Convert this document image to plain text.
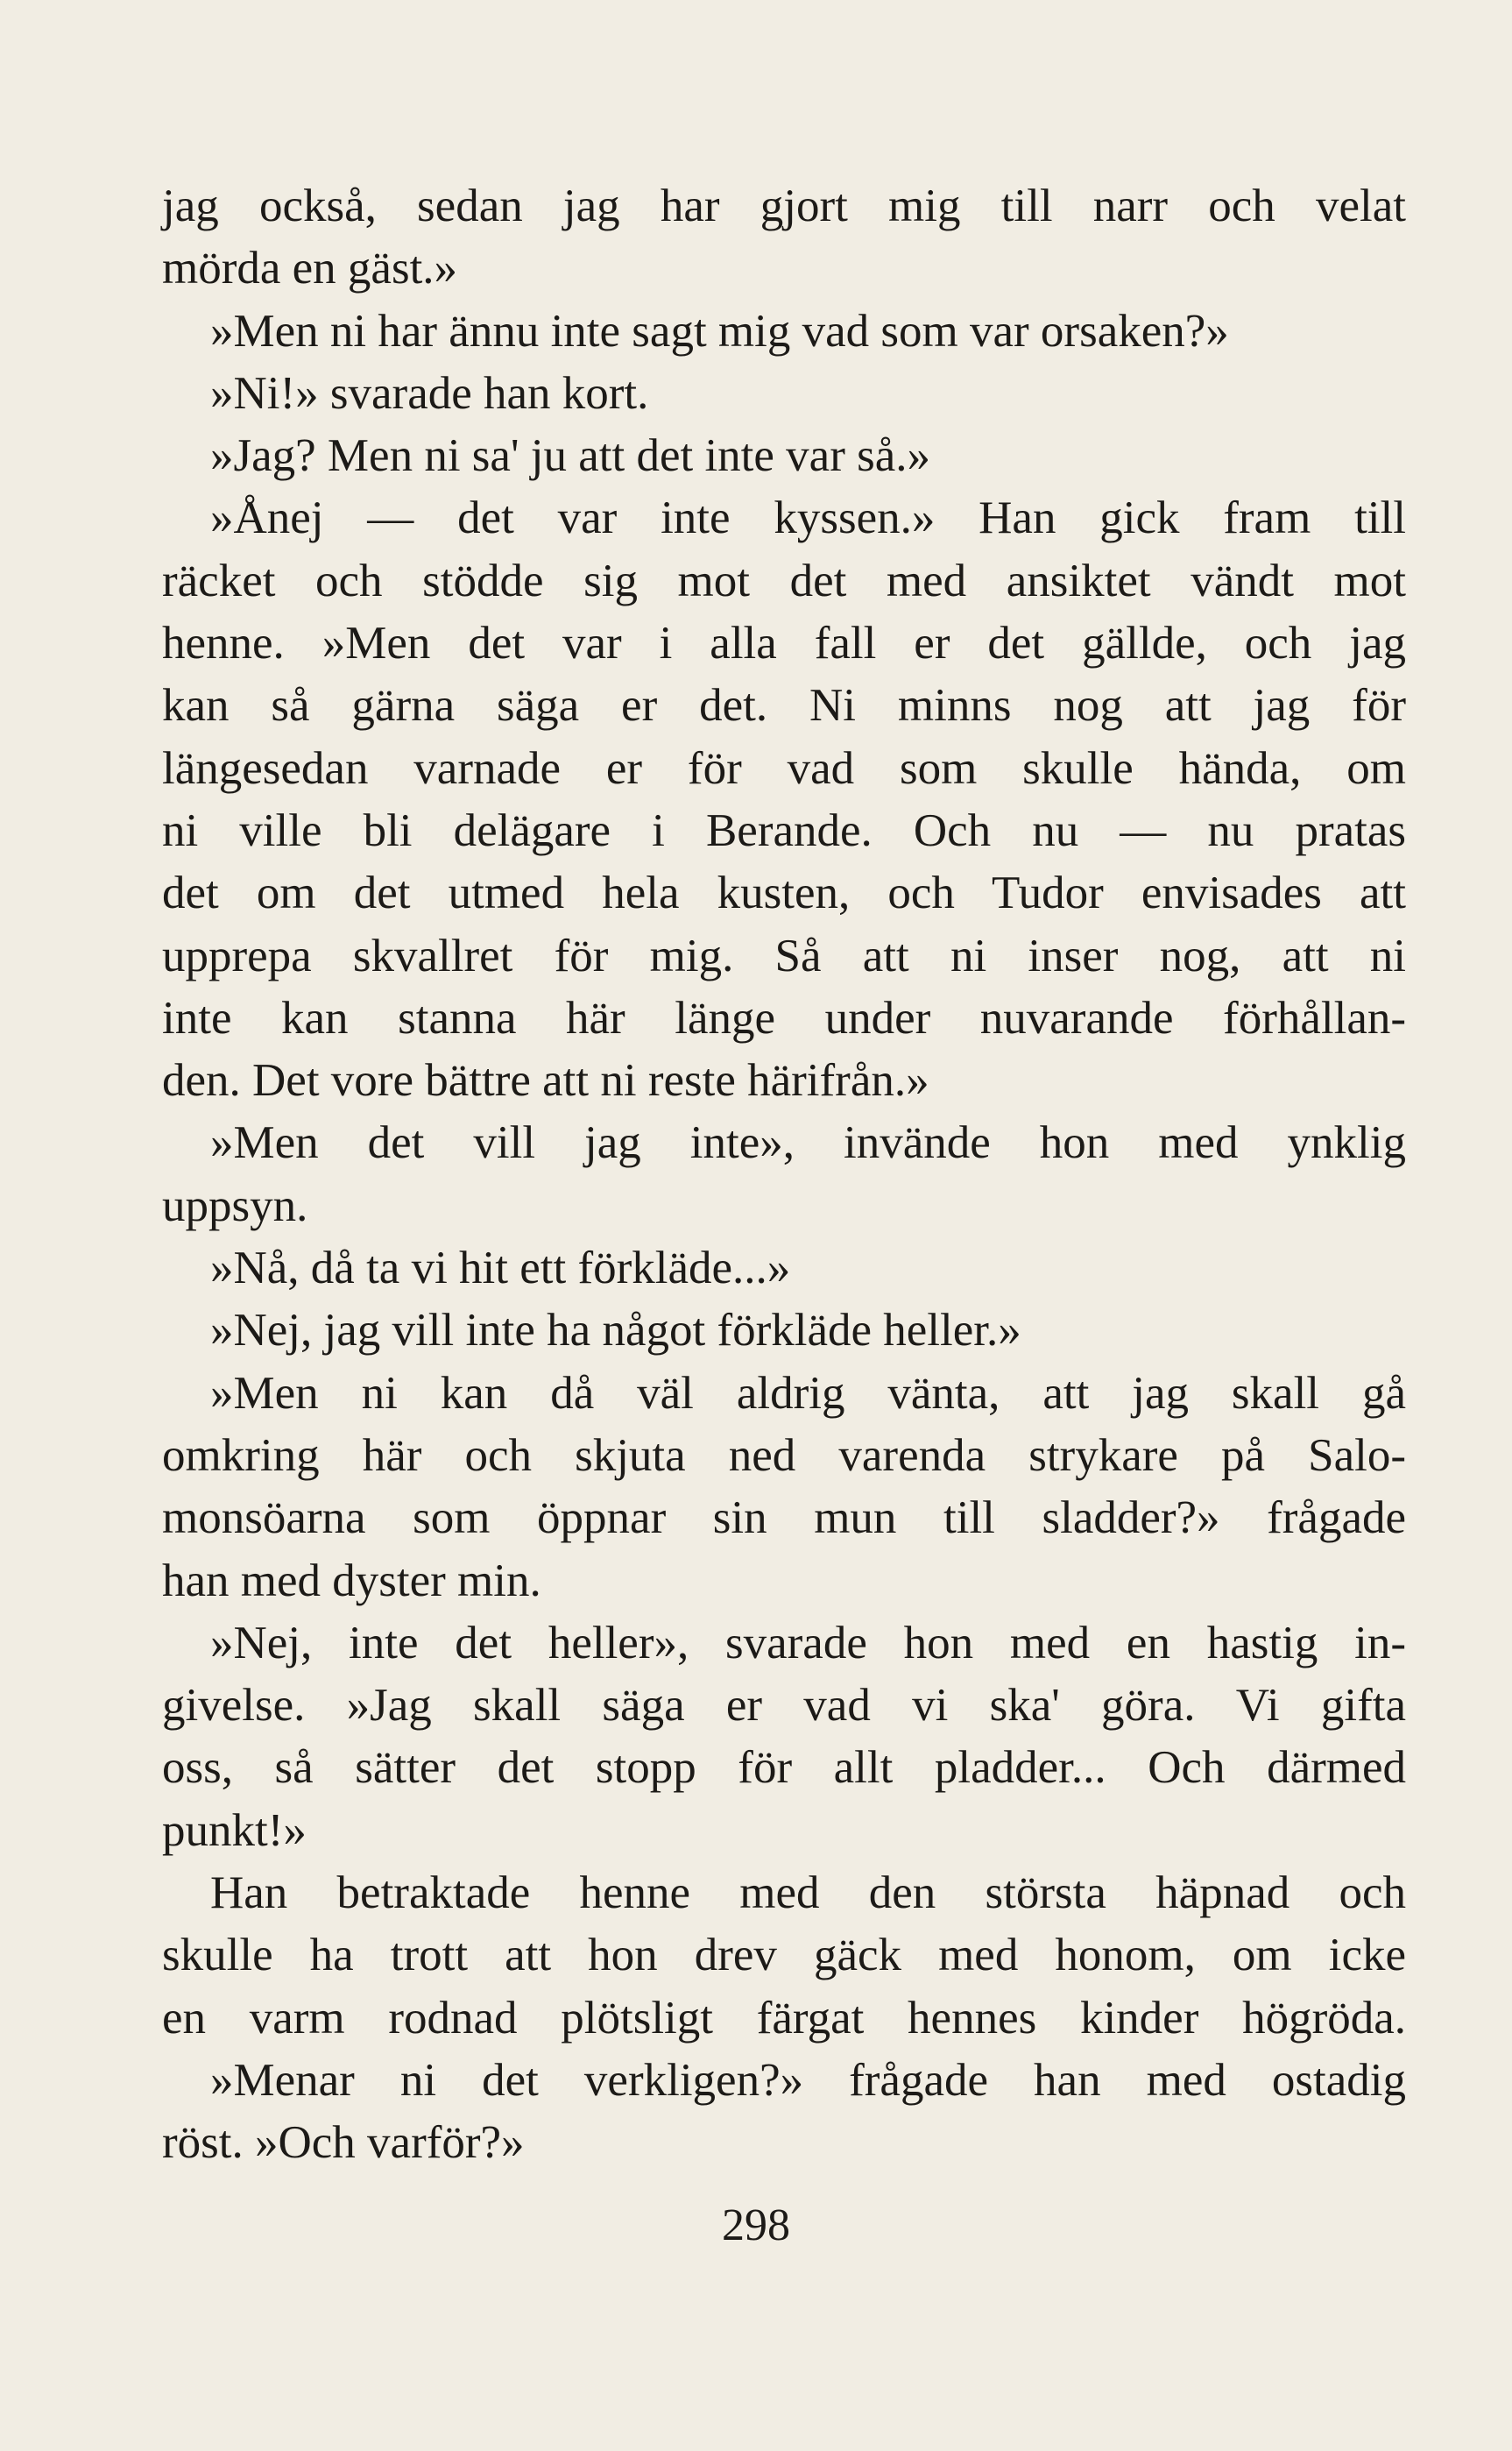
jag också, sedan jag har gjort mig till narr och velat
mörda en gäst.»
»Men ni har ännu inte sagt mig vad som var orsaken?»
»Ni!» svarade han kort.
»Jag? Men ni sa' ju att det inte var så.»
»Ånej — det var inte kyssen.» Han gick fram till
räcket och stödde sig mot det med ansiktet vändt mot
henne. »Men det var i alla fall er det gällde, och jag
kan så gärna säga er det. Ni minns nog att jag för
längesedan varnade er för vad som skulle hända, om
ni ville bli delägare i Berande. Och nu — nu pratas
det om det utmed hela kusten, och Tudor envisades att
upprepa skvallret för mig. Så att ni inser nog, att ni
inte kan stanna här länge under nuvarande förhållan-
den. Det vore bättre att ni reste härifrån.»
»Men det vill jag inte», invände hon med ynklig
uppsyn.
»Nå, då ta vi hit ett förkläde...»
»Nej, jag vill inte ha något förkläde heller.»
»Men ni kan då väl aldrig vänta, att jag skall gå
omkring här och skjuta ned varenda strykare på Salo-
monsöarna som öppnar sin mun till sladder?» frågade
han med dyster min.
»Nej, inte det heller», svarade hon med en hastig in-
givelse. »Jag skall säga er vad vi ska' göra. Vi gifta
oss, så sätter det stopp för allt pladder... Och därmed
punkt!»
Han betraktade henne med den största häpnad och
skulle ha trott att hon drev gäck med honom, om icke
en varm rodnad plötsligt färgat hennes kinder högröda.
»Menar ni det verkligen?» frågade han med ostadig
röst. »Och varför?»
298
